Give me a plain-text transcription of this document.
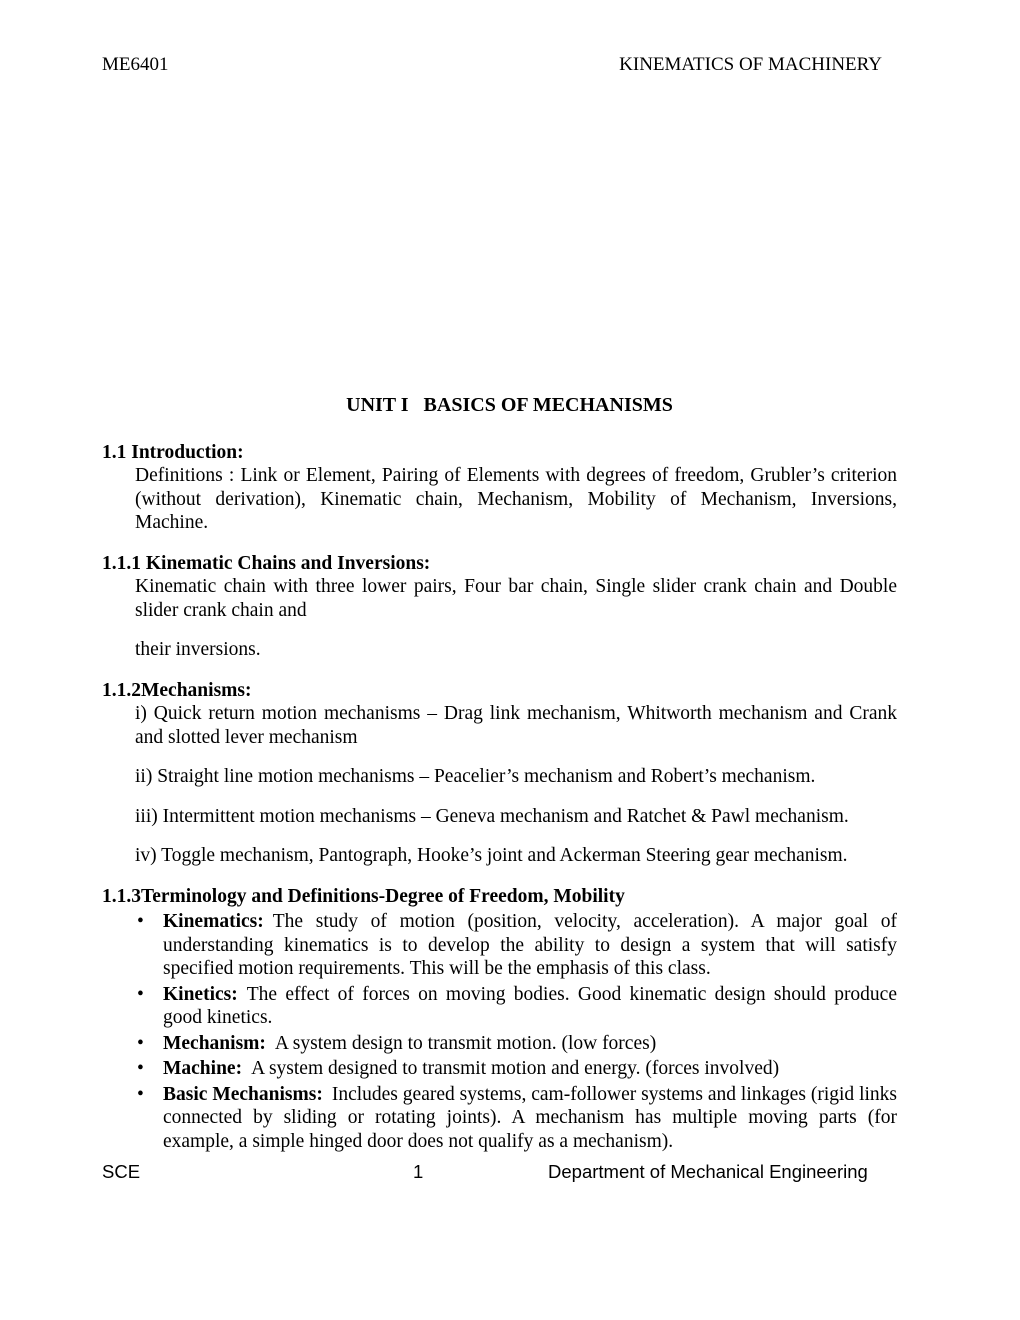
ME6401	KINEMATICS OF MACHINERY
UNIT I   BASICS OF MECHANISMS
1.1 Introduction:

Definitions : Link or Element, Pairing of Elements with degrees of freedom, Grubler’s criterion (without derivation), Kinematic chain, Mechanism, Mobility of Mechanism, Inversions, Machine.

1.1.1 Kinematic Chains and Inversions:

Kinematic chain with three lower pairs, Four bar chain, Single slider crank chain and Double slider crank chain and

their inversions.

1.1.2Mechanisms:

i) Quick return motion mechanisms – Drag link mechanism, Whitworth mechanism and Crank and slotted lever mechanism

ii) Straight line motion mechanisms – Peacelier’s mechanism and Robert’s mechanism.

iii) Intermittent motion mechanisms – Geneva mechanism and Ratchet & Pawl mechanism.

iv) Toggle mechanism, Pantograph, Hooke’s joint and Ackerman Steering gear mechanism.

1.1.3Terminology and Definitions-Degree of Freedom, Mobility
• Kinematics: The study of motion (position, velocity, acceleration). A major goal of understanding kinematics is to develop the ability to design a system that will satisfy specified motion requirements. This will be the emphasis of this class.
• Kinetics: The effect of forces on moving bodies. Good kinematic design should produce good kinetics.
• Mechanism: A system design to transmit motion. (low forces)
• Machine: A system designed to transmit motion and energy. (forces involved)
• Basic Mechanisms: Includes geared systems, cam-follower systems and linkages (rigid links connected by sliding or rotating joints). A mechanism has multiple moving parts (for example, a simple hinged door does not qualify as a mechanism).
SCE	1	Department of Mechanical Engineering
